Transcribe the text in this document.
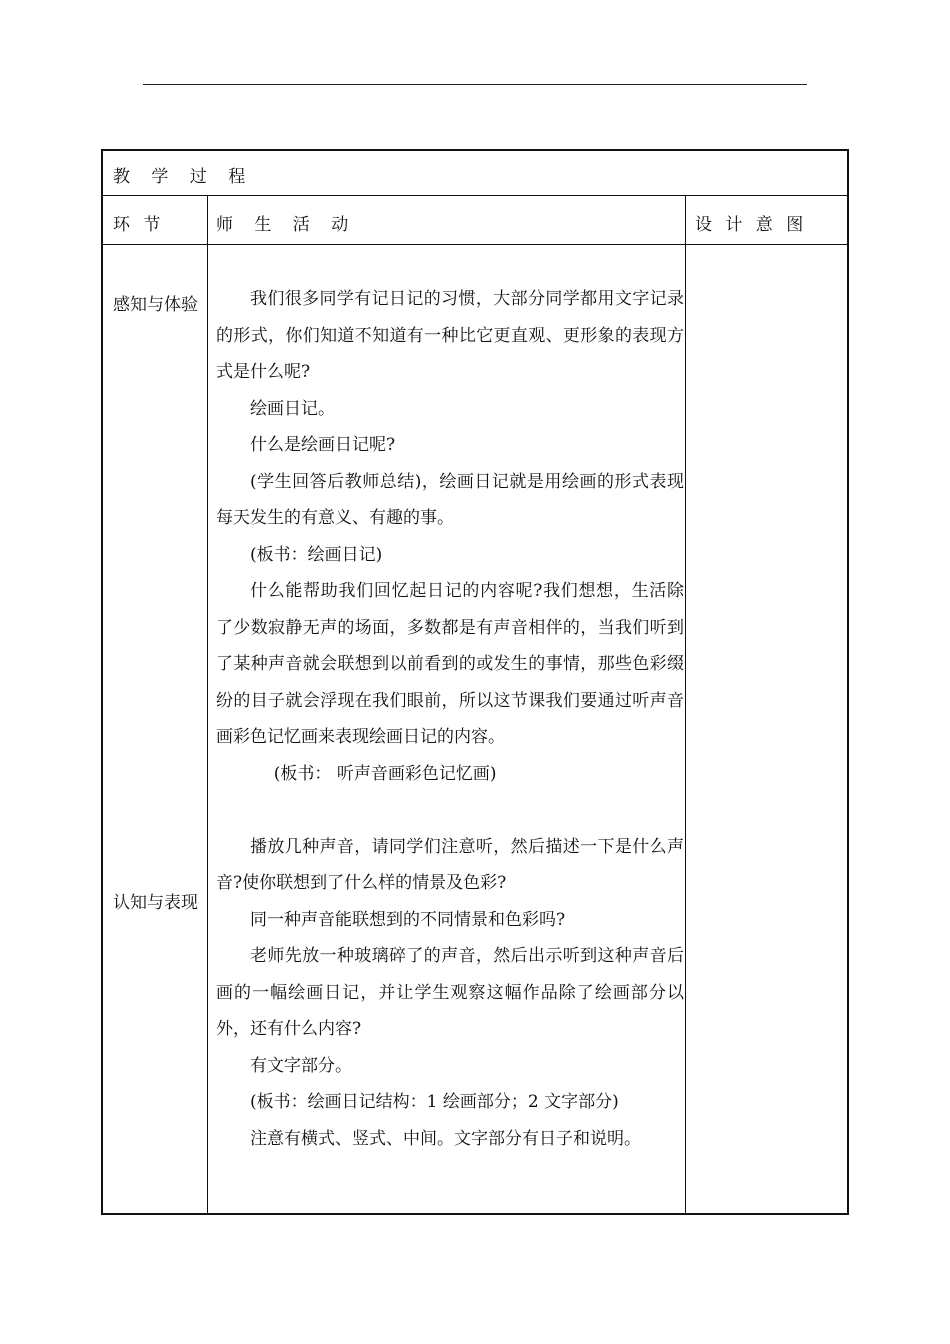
教 学 过 程
环 节	师 生 活 动	设 计 意 图
感知与体验
认知与表现

我们很多同学有记日记的习惯，大部分同学都用文字记录的形式，你们知道不知道有一种比它更直观、更形象的表现方式是什么呢?

绘画日记。

什么是绘画日记呢?

(学生回答后教师总结)，绘画日记就是用绘画的形式表现每天发生的有意义、有趣的事。

(板书：绘画日记)

什么能帮助我们回忆起日记的内容呢?我们想想，生活除了少数寂静无声的场面，多数都是有声音相伴的，当我们听到了某种声音就会联想到以前看到的或发生的事情，那些色彩缀纷的目子就会浮现在我们眼前，所以这节课我们要通过听声音画彩色记忆画来表现绘画日记的内容。

(板书： 听声音画彩色记忆画)

播放几种声音，请同学们注意听，然后描述一下是什么声音?使你联想到了什么样的情景及色彩?

同一种声音能联想到的不同情景和色彩吗?

老师先放一种玻璃碎了的声音，然后出示听到这种声音后画的一幅绘画日记，并让学生观察这幅作品除了绘画部分以外，还有什么内容?

有文字部分。

(板书：绘画日记结构：1 绘画部分；2 文字部分)

注意有横式、竖式、中间。文字部分有日子和说明。
